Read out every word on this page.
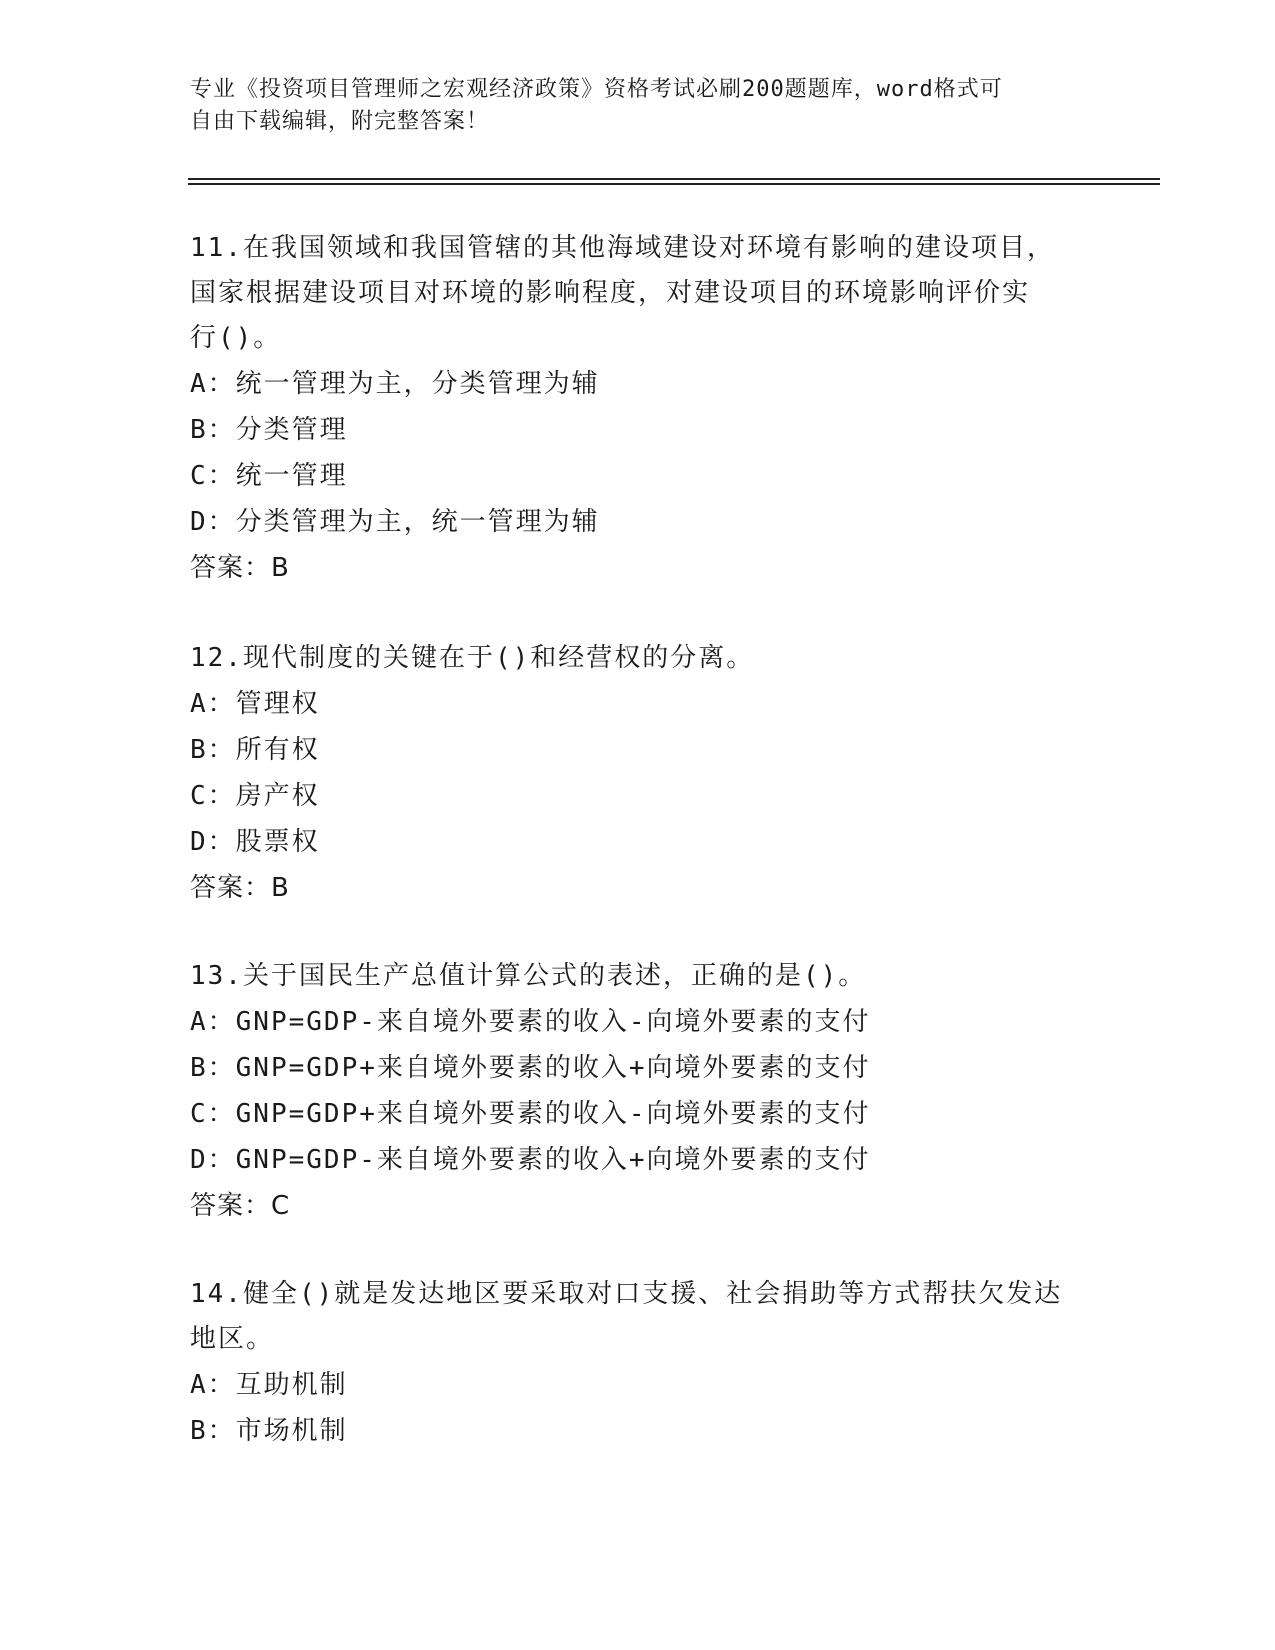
专业《投资项目管理师之宏观经济政策》资格考试必刷200题题库，word格式可
自由下载编辑，附完整答案！

11.在我国领域和我国管辖的其他海域建设对环境有影响的建设项目，

国家根据建设项目对环境的影响程度，对建设项目的环境影响评价实

行()。

A：统一管理为主，分类管理为辅

B：分类管理

C：统一管理

D：分类管理为主，统一管理为辅

答案：B

12.现代制度的关键在于()和经营权的分离。

A：管理权

B：所有权

C：房产权

D：股票权

答案：B

13.关于国民生产总值计算公式的表述，正确的是()。

A：GNP=GDP-来自境外要素的收入-向境外要素的支付

B：GNP=GDP+来自境外要素的收入+向境外要素的支付

C：GNP=GDP+来自境外要素的收入-向境外要素的支付

D：GNP=GDP-来自境外要素的收入+向境外要素的支付

答案：C

14.健全()就是发达地区要采取对口支援、社会捐助等方式帮扶欠发达

地区。

A：互助机制

B：市场机制
